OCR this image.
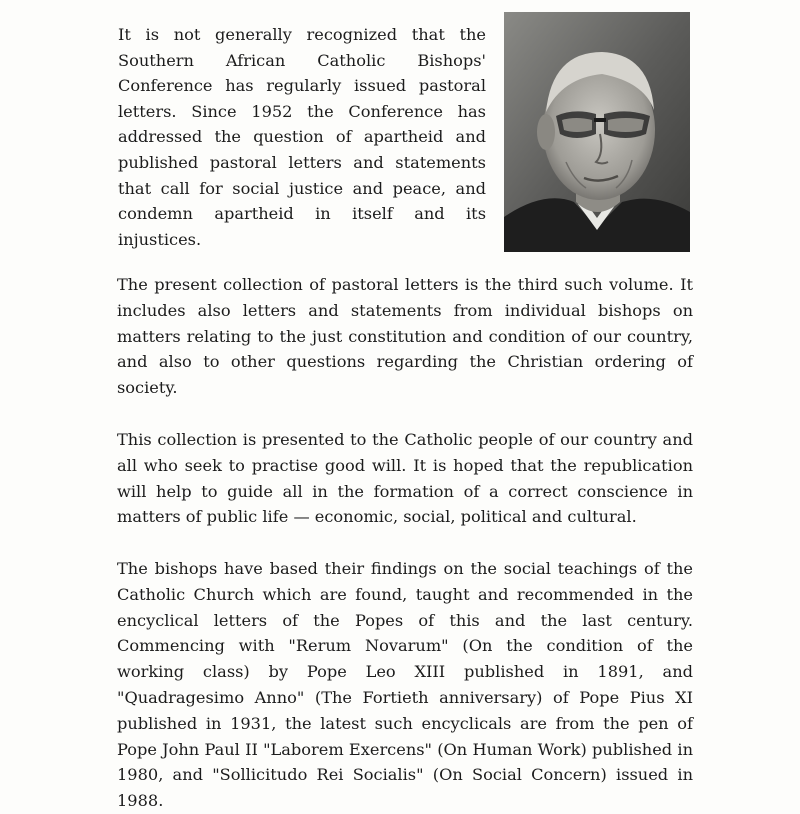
It is not generally recognized that the Southern African Catholic Bishops' Conference has regularly issued pastoral letters. Since 1952 the Conference has addressed the question of apartheid and published pastoral letters and statements that call for social justice and peace, and condemn apartheid in itself and its injustices.

The present collection of pastoral letters is the third such volume. It includes also letters and statements from individual bishops on matters relating to the just constitution and condition of our country, and also to other questions regarding the Christian ordering of society.

This collection is presented to the Catholic people of our country and all who seek to practise good will. It is hoped that the republication will help to guide all in the formation of a correct conscience in matters of public life — economic, social, political and cultural.

The bishops have based their findings on the social teachings of the Catholic Church which are found, taught and recommended in the encyclical letters of the Popes of this and the last century. Commencing with "Rerum Novarum" (On the condition of the working class) by Pope Leo XIII published in 1891, and "Quadragesimo Anno" (The Fortieth anniversary) of Pope Pius XI published in 1931, the latest such encyclicals are from the pen of Pope John Paul II "Laborem Exercens" (On Human Work) published in 1980, and "Sollicitudo Rei Socialis" (On Social Concern) issued in 1988.
